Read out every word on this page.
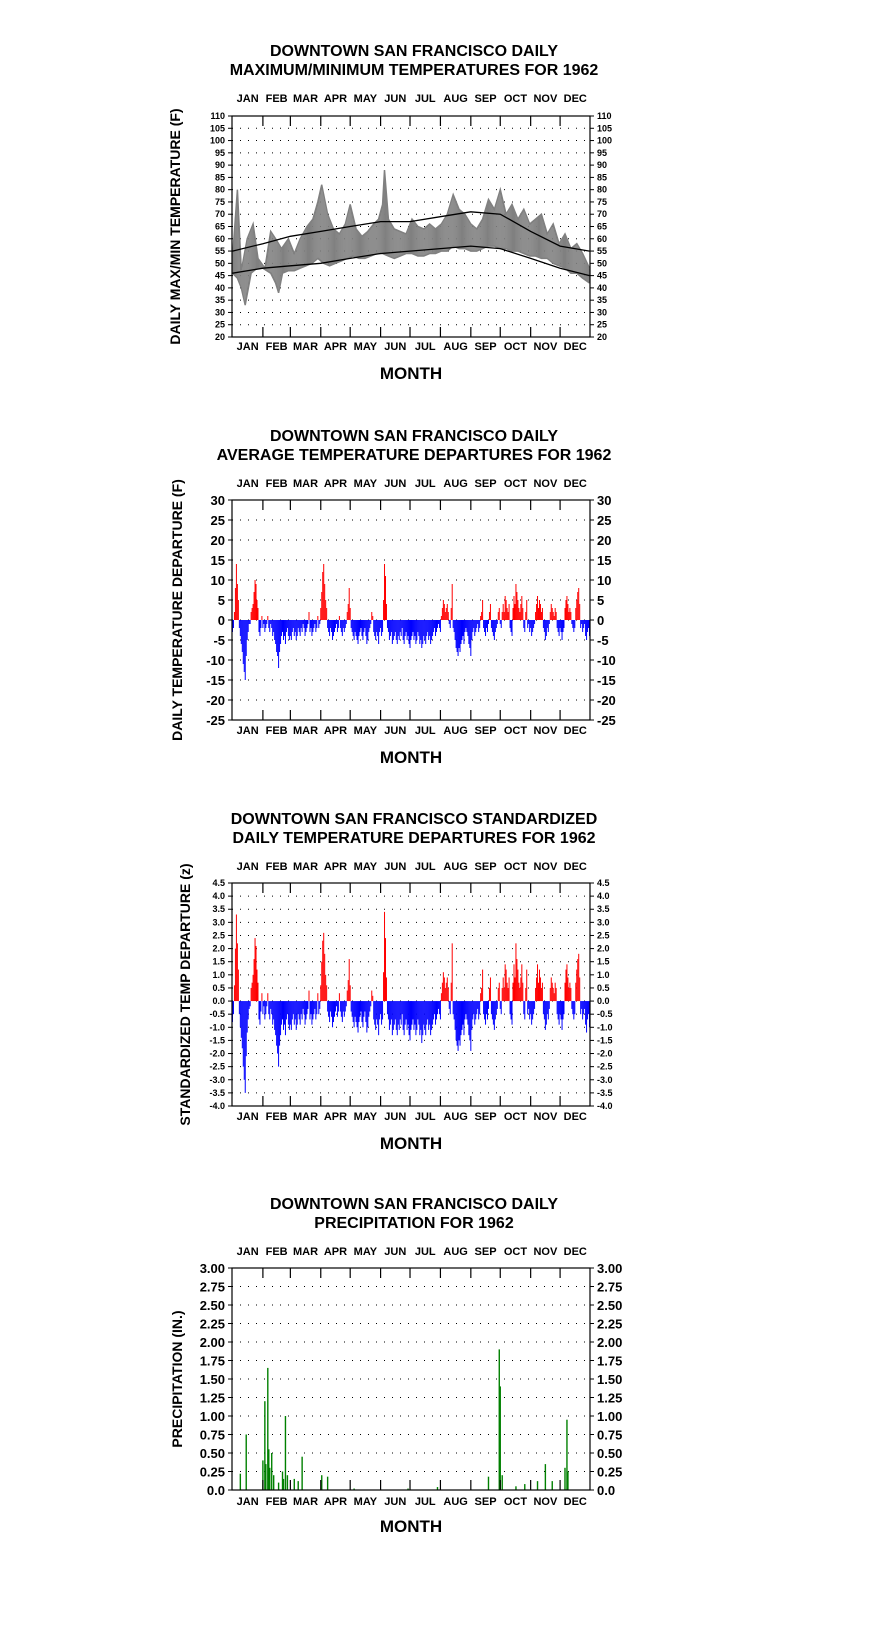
DOWNTOWN SAN FRANCISCO DAILY
MAXIMUM/MINIMUM TEMPERATURES FOR 1962
JAN
JAN
FEB
FEB
MAR
MAR
APR
APR
MAY
MAY
JUN
JUN
JUL
JUL
AUG
AUG
SEP
SEP
OCT
OCT
NOV
NOV
DEC
DEC
110	110
105	105
100	100
95	95
90	90
85	85
80	80
75	75
70	70
65	65
60	60
55	55
50	50
45	45
40	40
35	35
30	30
25	25
20	20
DAILY MAX/MIN TEMPERATURE (F)
MONTH
DOWNTOWN SAN FRANCISCO DAILY
AVERAGE TEMPERATURE DEPARTURES FOR 1962
JAN
JAN
FEB
FEB
MAR
MAR
APR
APR
MAY
MAY
JUN
JUN
JUL
JUL
AUG
AUG
SEP
SEP
OCT
OCT
NOV
NOV
DEC
DEC
30	30
25	25
20	20
15	15
10	10
5	5
0	0
-5	-5
-10	-10
-15	-15
-20	-20
-25	-25
DAILY TEMPERATURE DEPARTURE (F)
MONTH
DOWNTOWN SAN FRANCISCO STANDARDIZED
DAILY TEMPERATURE DEPARTURES FOR 1962
JAN
JAN
FEB
FEB
MAR
MAR
APR
APR
MAY
MAY
JUN
JUN
JUL
JUL
AUG
AUG
SEP
SEP
OCT
OCT
NOV
NOV
DEC
DEC
4.5	4.5
4.0	4.0
3.5	3.5
3.0	3.0
2.5	2.5
2.0	2.0
1.5	1.5
1.0	1.0
0.5	0.5
0.0	0.0
-0.5	-0.5
-1.0	-1.0
-1.5	-1.5
-2.0	-2.0
-2.5	-2.5
-3.0	-3.0
-3.5	-3.5
-4.0	-4.0
STANDARDIZED TEMP DEPARTURE (z)
MONTH
DOWNTOWN SAN FRANCISCO DAILY
PRECIPITATION FOR 1962
JAN
JAN
FEB
FEB
MAR
MAR
APR
APR
MAY
MAY
JUN
JUN
JUL
JUL
AUG
AUG
SEP
SEP
OCT
OCT
NOV
NOV
DEC
DEC
3.00	3.00
2.75	2.75
2.50	2.50
2.25	2.25
2.00	2.00
1.75	1.75
1.50	1.50
1.25	1.25
1.00	1.00
0.75	0.75
0.50	0.50
0.25	0.25
0.0	0.0
PRECIPITATION (IN.)
MONTH
